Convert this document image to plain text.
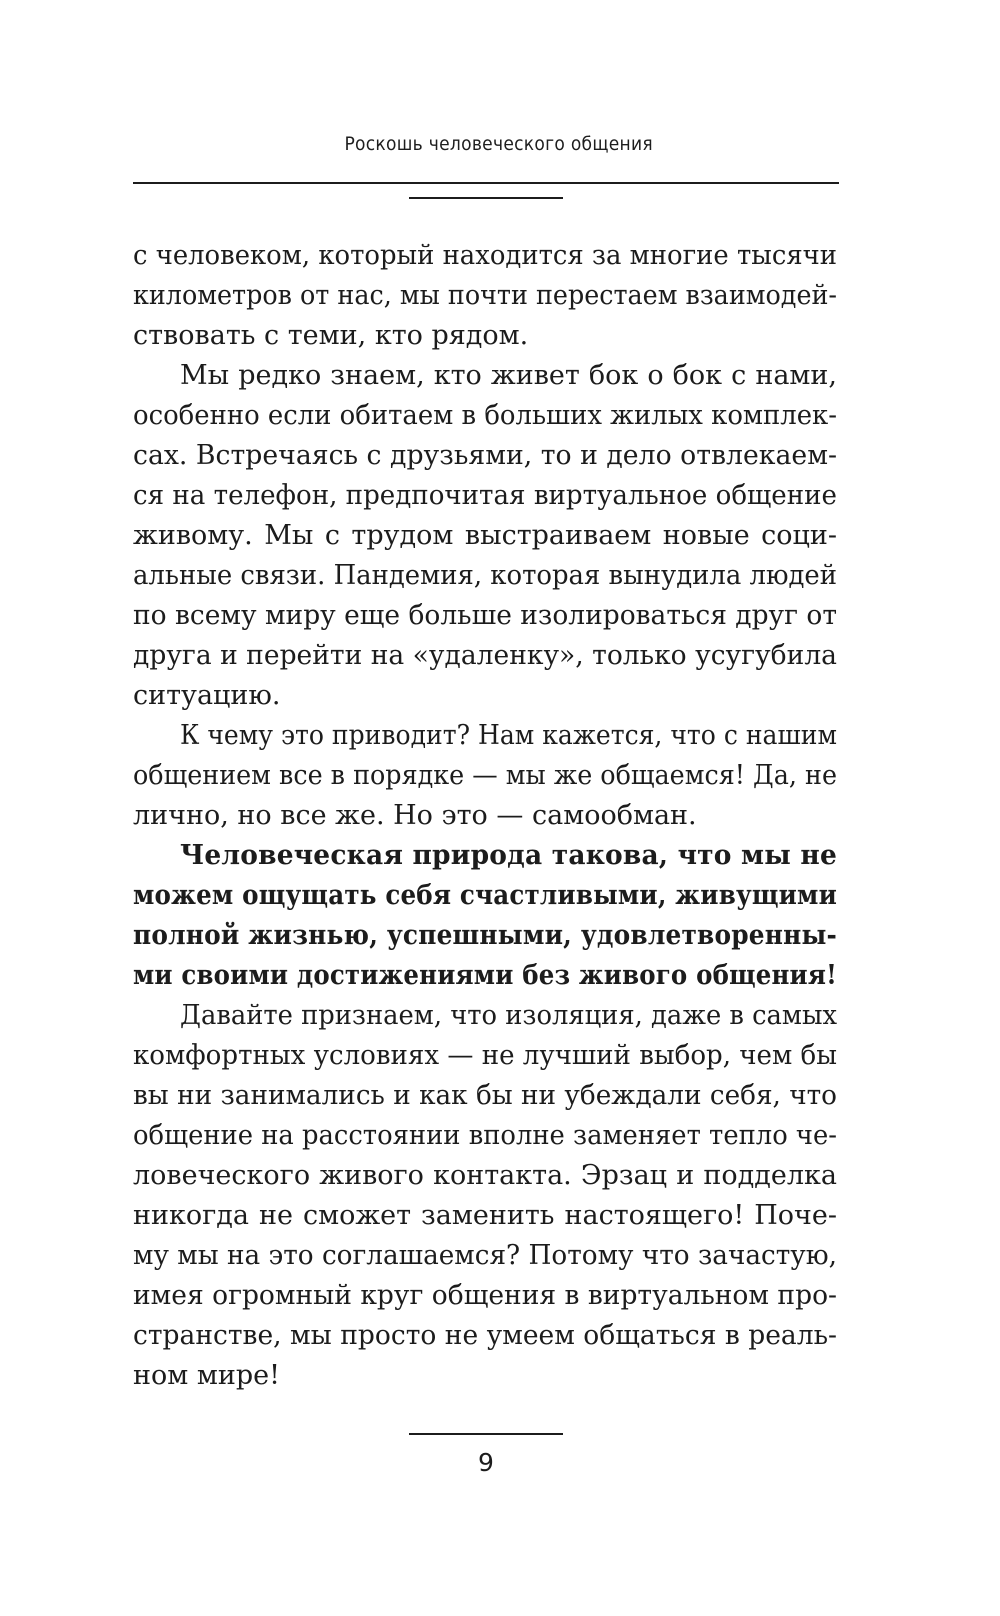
Роскошь человеческого общения
с человеком, который находится за многие тысячи
километров от нас, мы почти перестаем взаимодей-
ствовать с теми, кто рядом.
Мы редко знаем, кто живет бок о бок с нами,
особенно если обитаем в больших жилых комплек-
сах. Встречаясь с друзьями, то и дело отвлекаем-
ся на телефон, предпочитая виртуальное общение
живому. Мы с трудом выстраиваем новые соци-
альные связи. Пандемия, которая вынудила людей
по всему миру еще больше изолироваться друг от
друга и перейти на «удаленку», только усугубила
ситуацию.
К чему это приводит? Нам кажется, что с нашим
общением все в порядке — мы же общаемся! Да, не
лично, но все же. Но это — самообман.
Человеческая природа такова, что мы не
можем ощущать себя счастливыми, живущими
полной жизнью, успешными, удовлетворенны-
ми своими достижениями без живого общения!
Давайте признаем, что изоляция, даже в самых
комфортных условиях — не лучший выбор, чем бы
вы ни занимались и как бы ни убеждали себя, что
общение на расстоянии вполне заменяет тепло че-
ловеческого живого контакта. Эрзац и подделка
никогда не сможет заменить настоящего! Поче-
му мы на это соглашаемся? Потому что зачастую,
имея огромный круг общения в виртуальном про-
странстве, мы просто не умеем общаться в реаль-
ном мире!
9
